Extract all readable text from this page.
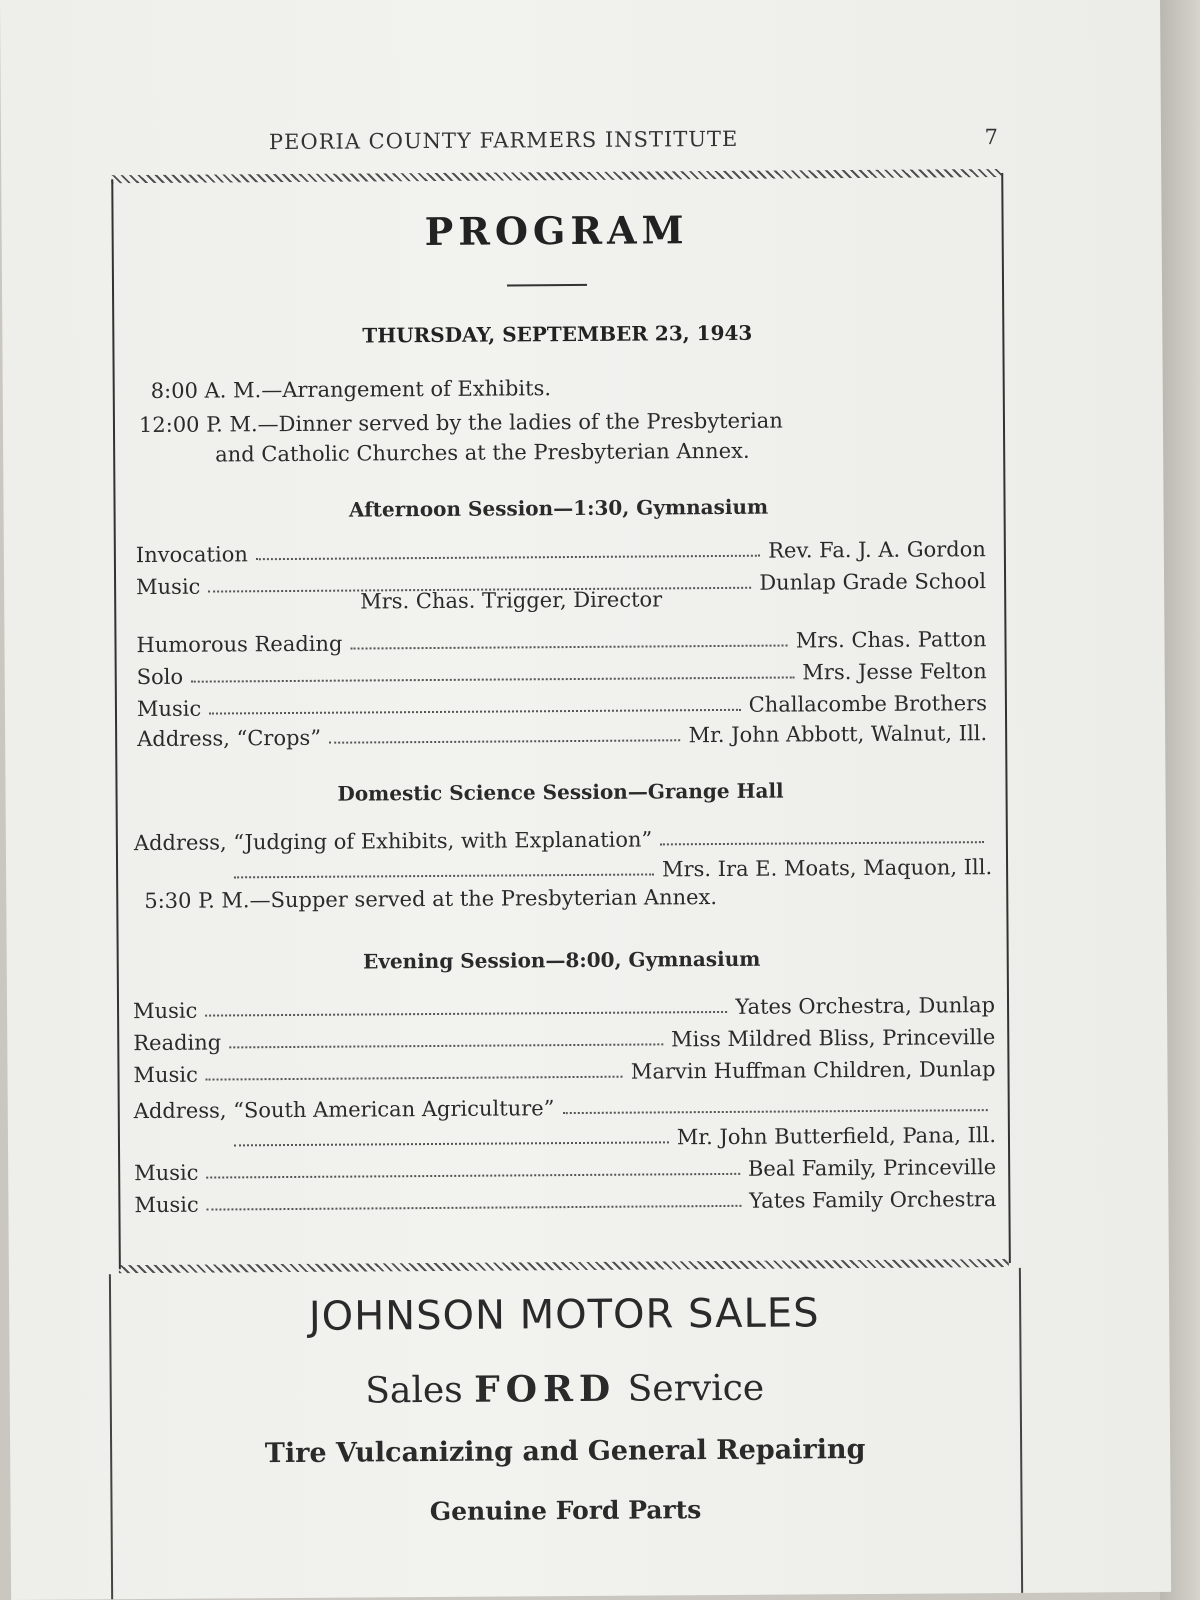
PEORIA COUNTY FARMERS INSTITUTE	7
PROGRAM
THURSDAY, SEPTEMBER 23, 1943
8:00 A. M.—Arrangement of Exhibits.
12:00 P. M.—Dinner served by the ladies of the Presbyterian
and Catholic Churches at the Presbyterian Annex.
Afternoon Session—1:30, Gymnasium
Invocation	Rev. Fa. J. A. Gordon
Music	Dunlap Grade School
Mrs. Chas. Trigger, Director
Humorous Reading	Mrs. Chas. Patton
Solo	Mrs. Jesse Felton
Music	Challacombe Brothers
Address, “Crops”	Mr. John Abbott, Walnut, Ill.
Domestic Science Session—Grange Hall
Address, “Judging of Exhibits, with Explanation”
Mrs. Ira E. Moats, Maquon, Ill.
5:30 P. M.—Supper served at the Presbyterian Annex.
Evening Session—8:00, Gymnasium
Music	Yates Orchestra, Dunlap
Reading	Miss Mildred Bliss, Princeville
Music	Marvin Huffman Children, Dunlap
Address, “South American Agriculture”
Mr. John Butterfield, Pana, Ill.
Music	Beal Family, Princeville
Music	Yates Family Orchestra
JOHNSON MOTOR SALES
Sales FORD Service
Tire Vulcanizing and General Repairing
Genuine Ford Parts
